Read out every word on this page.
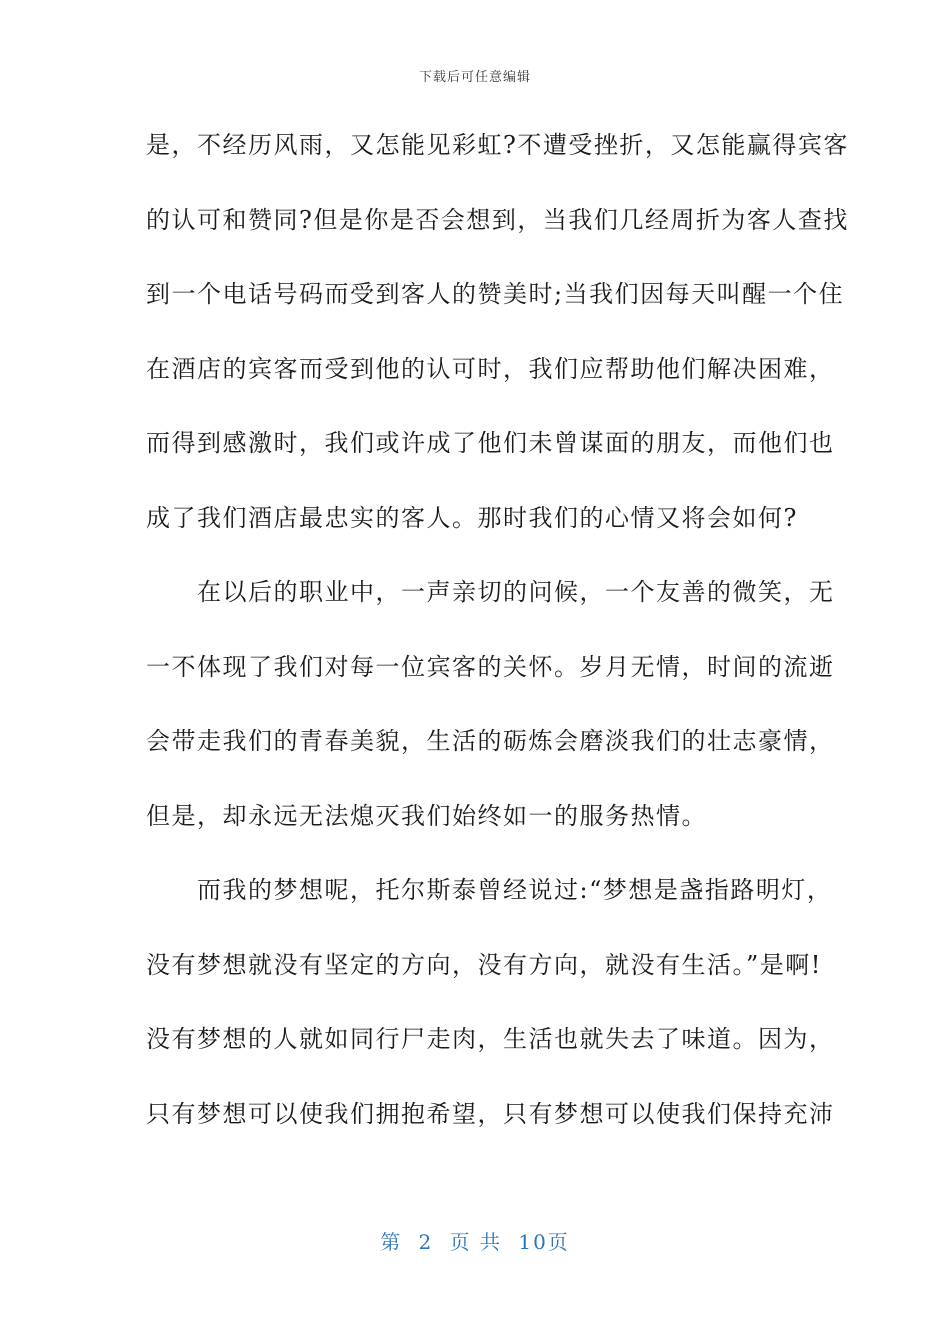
下载后可任意编辑
是，不经历风雨，又怎能见彩虹?不遭受挫折，又怎能赢得宾客
的认可和赞同?但是你是否会想到，当我们几经周折为客人查找
到一个电话号码而受到客人的赞美时;当我们因每天叫醒一个住
在酒店的宾客而受到他的认可时，我们应帮助他们解决困难，
而得到感激时，我们或许成了他们未曾谋面的朋友，而他们也
成了我们酒店最忠实的客人。那时我们的心情又将会如何?
　　在以后的职业中，一声亲切的问候，一个友善的微笑，无
一不体现了我们对每一位宾客的关怀。岁月无情，时间的流逝
会带走我们的青春美貌，生活的砺炼会磨淡我们的壮志豪情，
但是，却永远无法熄灭我们始终如一的服务热情。
　　而我的梦想呢，托尔斯泰曾经说过:“梦想是盏指路明灯，
没有梦想就没有坚定的方向，没有方向，就没有生活。”是啊!
没有梦想的人就如同行尸走肉，生活也就失去了味道。因为，
只有梦想可以使我们拥抱希望，只有梦想可以使我们保持充沛
第 2 页 共 10页
